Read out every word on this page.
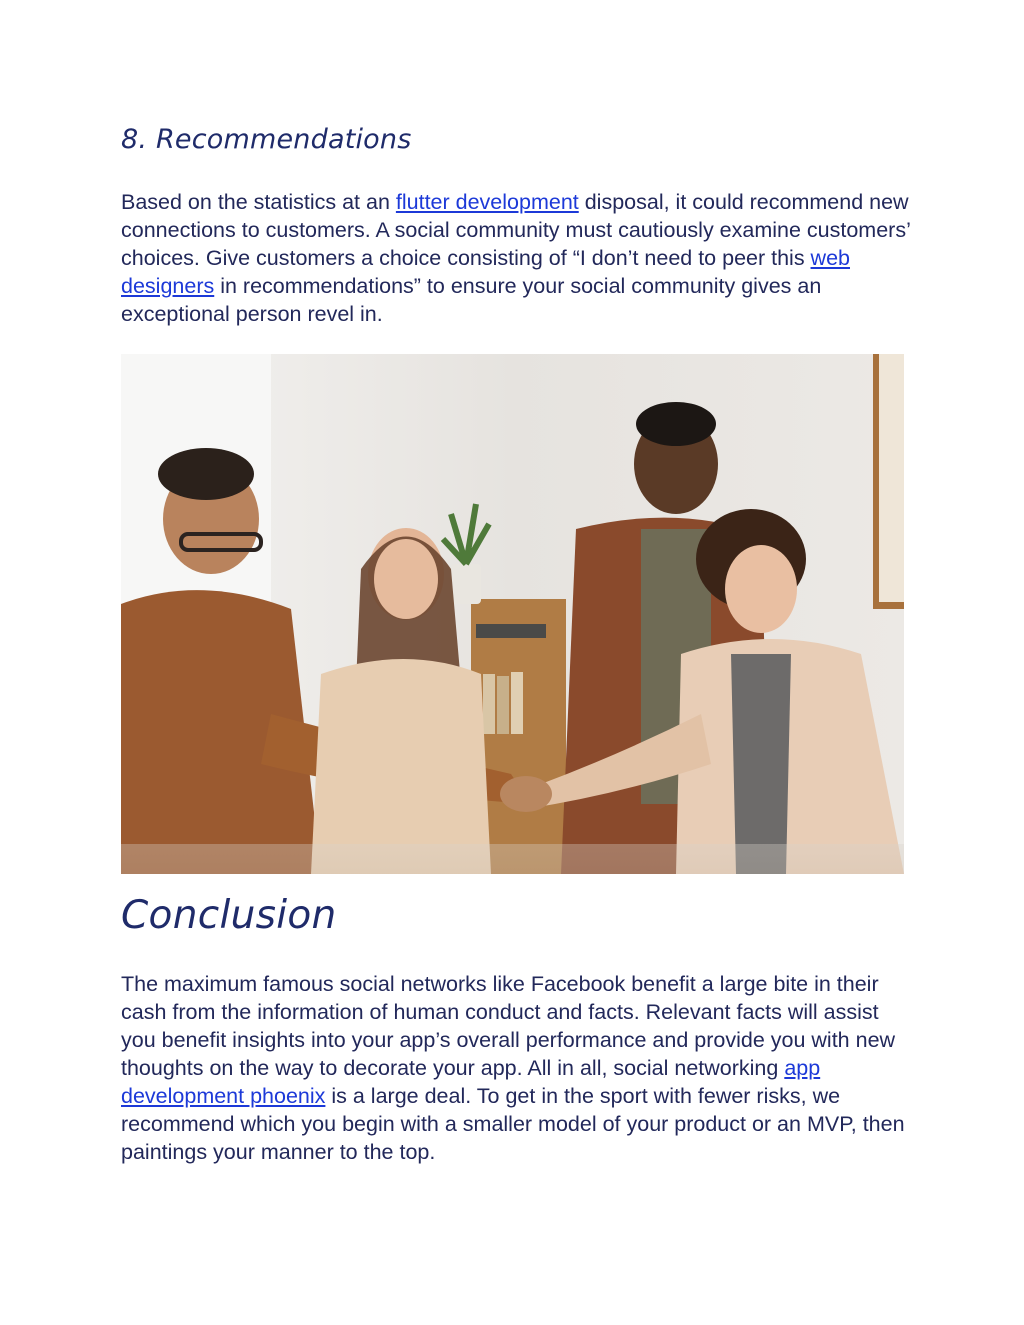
8. Recommendations

Based on the statistics at an flutter development disposal, it could recommend new connections to customers. A social community must cautiously examine customers’ choices. Give customers a choice consisting of “I don’t need to peer this web designers in recommendations” to ensure your social community gives an exceptional person revel in.

Conclusion

The maximum famous social networks like Facebook benefit a large bite in their cash from the information of human conduct and facts. Relevant facts will assist you benefit insights into your app’s overall performance and provide you with new thoughts on the way to decorate your app. All in all, social networking app development phoenix is a large deal. To get in the sport with fewer risks, we recommend which you begin with a smaller model of your product or an MVP, then paintings your manner to the top.
